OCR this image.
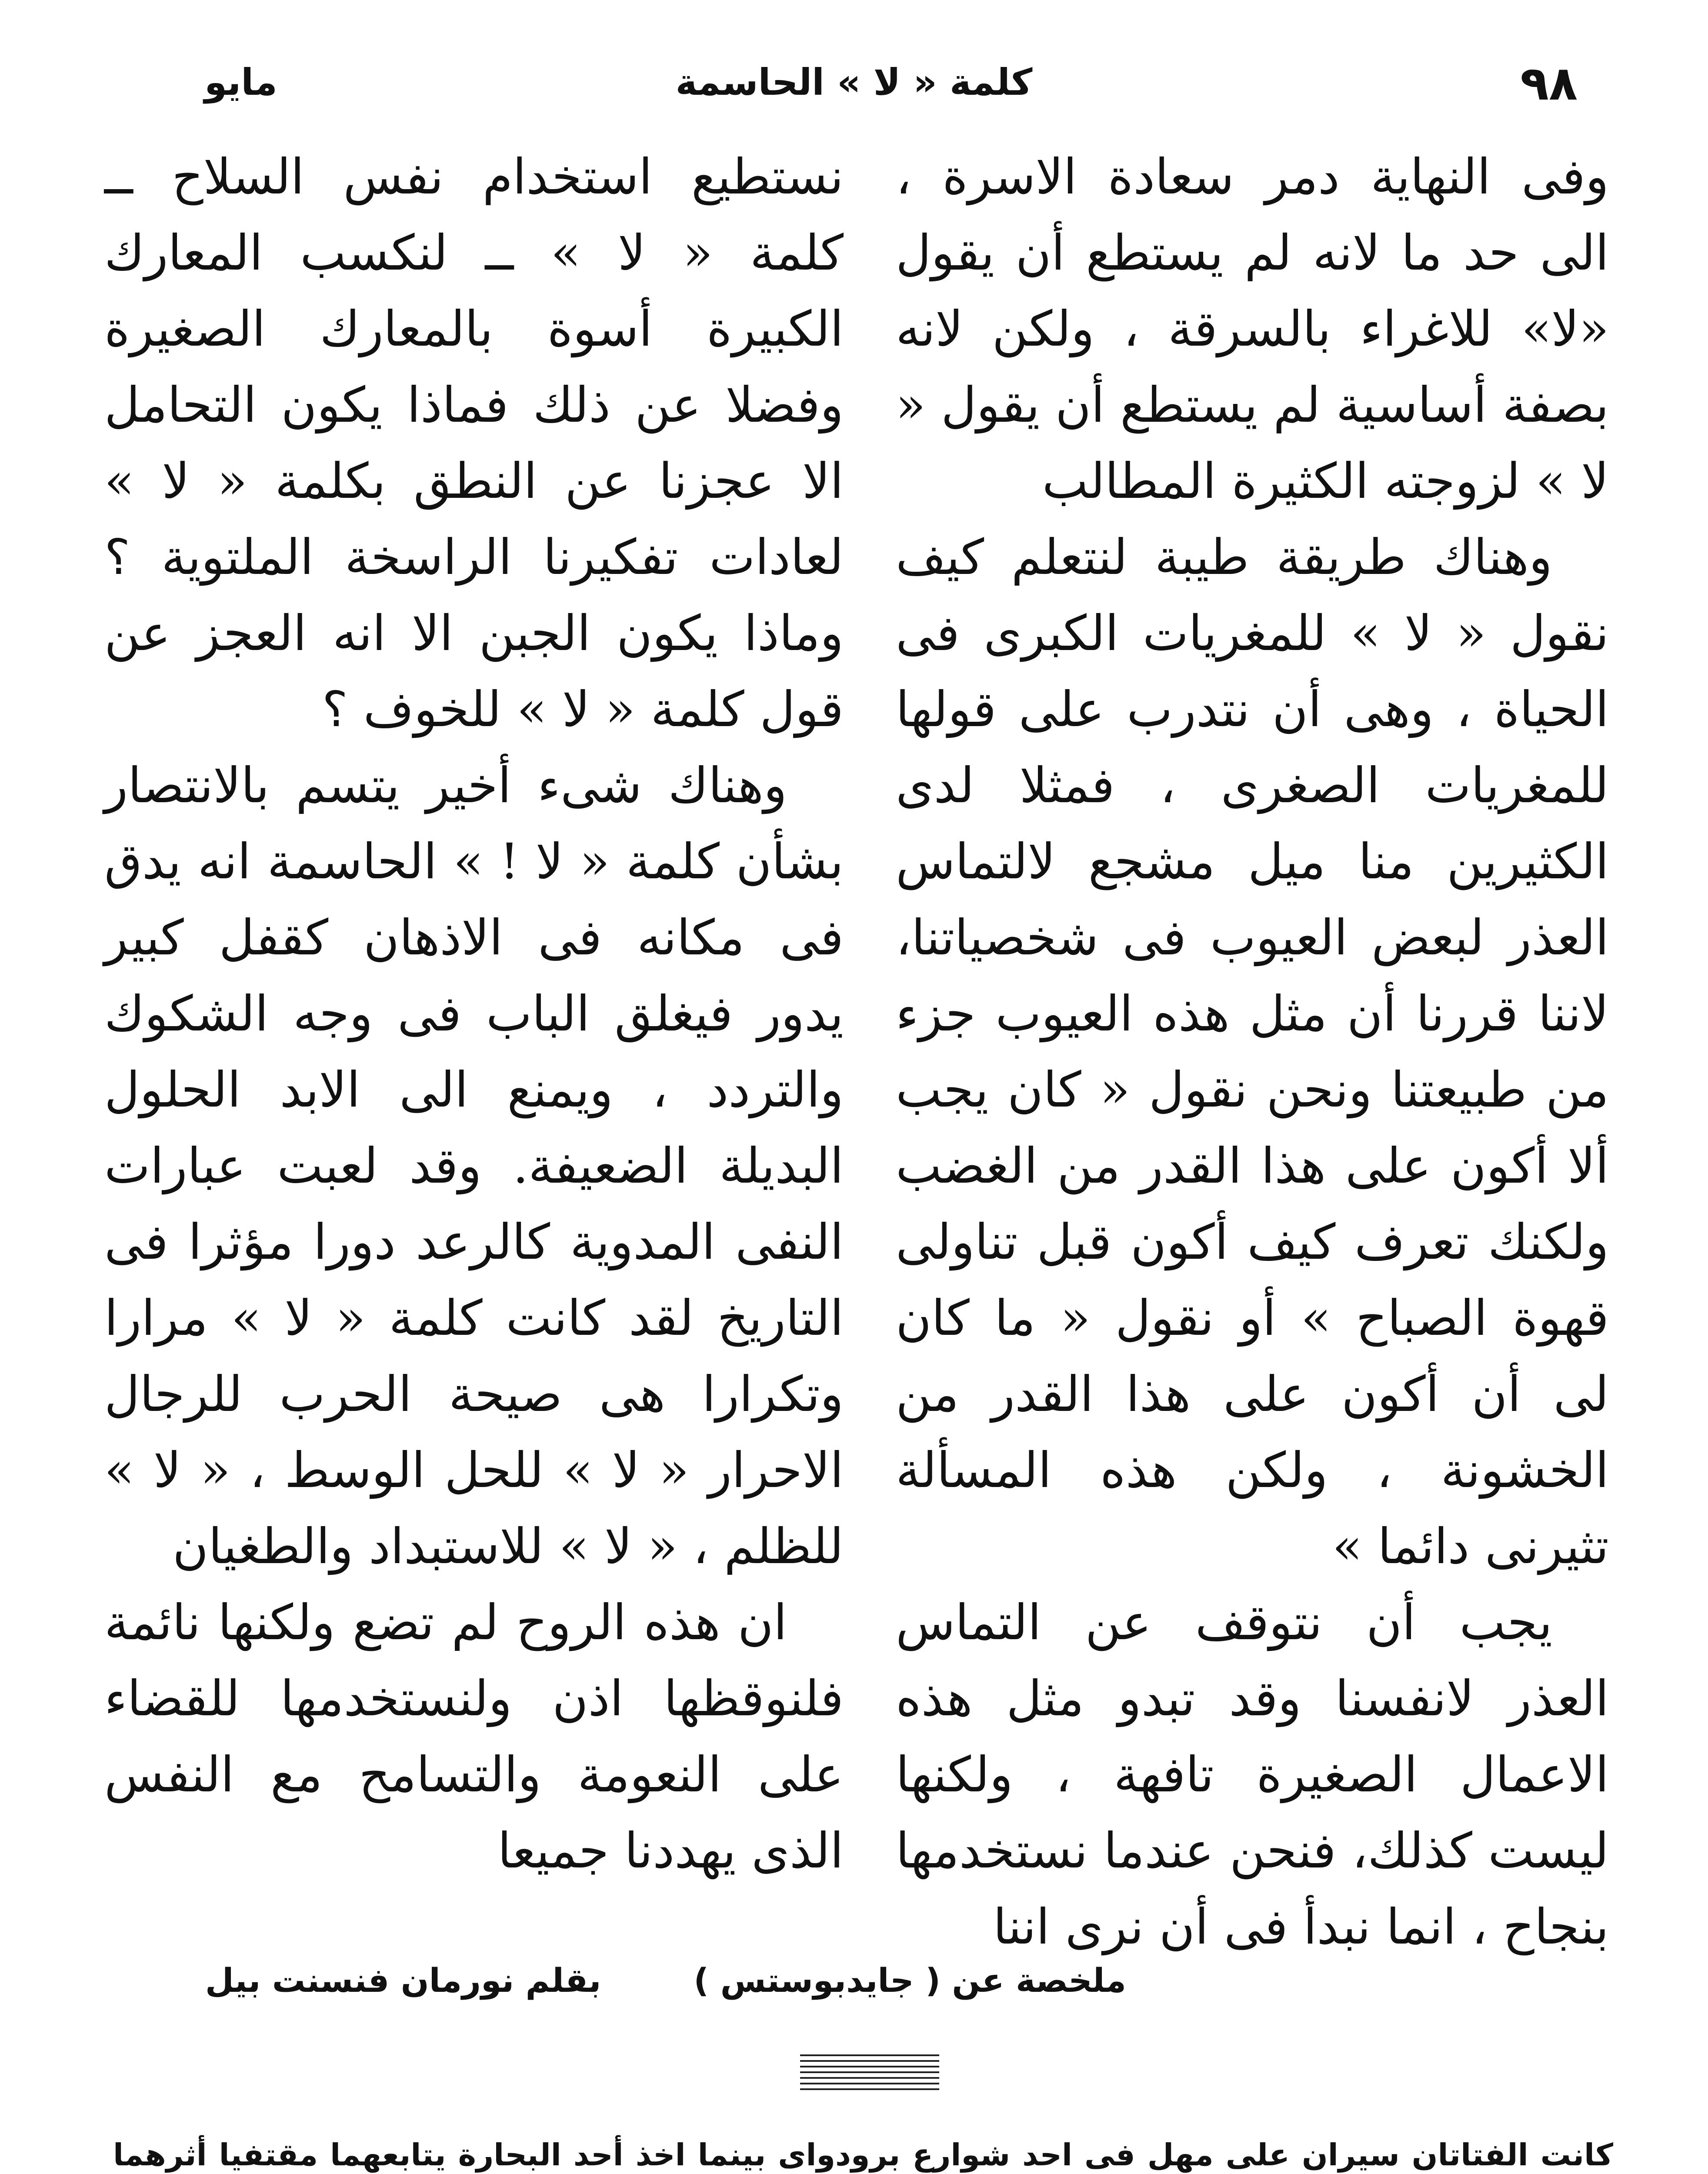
٩٨
كلمة « لا » الحاسمة
مايو

وفى النهاية دمر سعادة الاسرة ، الى حد ما لانه لم يستطع أن يقول «لا» للاغراء بالسرقة ، ولكن لانه بصفة أساسية لم يستطع أن يقول « لا » لزوجته الكثيرة المطالب

وهناك طريقة طيبة لنتعلم كيف نقول « لا » للمغريات الكبرى فى الحياة ، وهى أن نتدرب على قولها للمغريات الصغرى ، فمثلا لدى الكثيرين منا ميل مشجع لالتماس العذر لبعض العيوب فى شخصياتنا، لاننا قررنا أن مثل هذه العيوب جزء من طبيعتنا ونحن نقول « كان يجب ألا أكون على هذا القدر من الغضب ولكنك تعرف كيف أكون قبل تناولى قهوة الصباح » أو نقول « ما كان لى أن أكون على هذا القدر من الخشونة ، ولكن هذه المسألة تثيرنى دائما »

يجب أن نتوقف عن التماس العذر لانفسنا وقد تبدو مثل هذه الاعمال الصغيرة تافهة ، ولكنها ليست كذلك، فنحن عندما نستخدمها بنجاح ، انما نبدأ فى أن نرى اننا

نستطيع استخدام نفس السلاح ــ كلمة « لا » ــ لنكسب المعارك الكبيرة أسوة بالمعارك الصغيرة وفضلا عن ذلك فماذا يكون التحامل الا عجزنا عن النطق بكلمة « لا » لعادات تفكيرنا الراسخة الملتوية ؟ وماذا يكون الجبن الا انه العجز عن قول كلمة « لا » للخوف ؟

وهناك شىء أخير يتسم بالانتصار بشأن كلمة « لا ! » الحاسمة انه يدق فى مكانه فى الاذهان كقفل كبير يدور فيغلق الباب فى وجه الشكوك والتردد ، ويمنع الى الابد الحلول البديلة الضعيفة. وقد لعبت عبارات النفى المدوية كالرعد دورا مؤثرا فى التاريخ لقد كانت كلمة « لا » مرارا وتكرارا هى صيحة الحرب للرجال الاحرار « لا » للحل الوسط ، « لا » للظلم ، « لا » للاستبداد والطغيان

ان هذه الروح لم تضع ولكنها نائمة فلنوقظها اذن ولنستخدمها للقضاء على النعومة والتسامح مع النفس الذى يهددنا جميعا

ملخصة عن ( جايدبوستس )  بقلم نورمان فنسنت بيل

كانت الفتاتان سيران على مهل فى احد شوارع برودواى بينما اخذ أحد البحارة يتابعهما مقتفيا أثرهما
